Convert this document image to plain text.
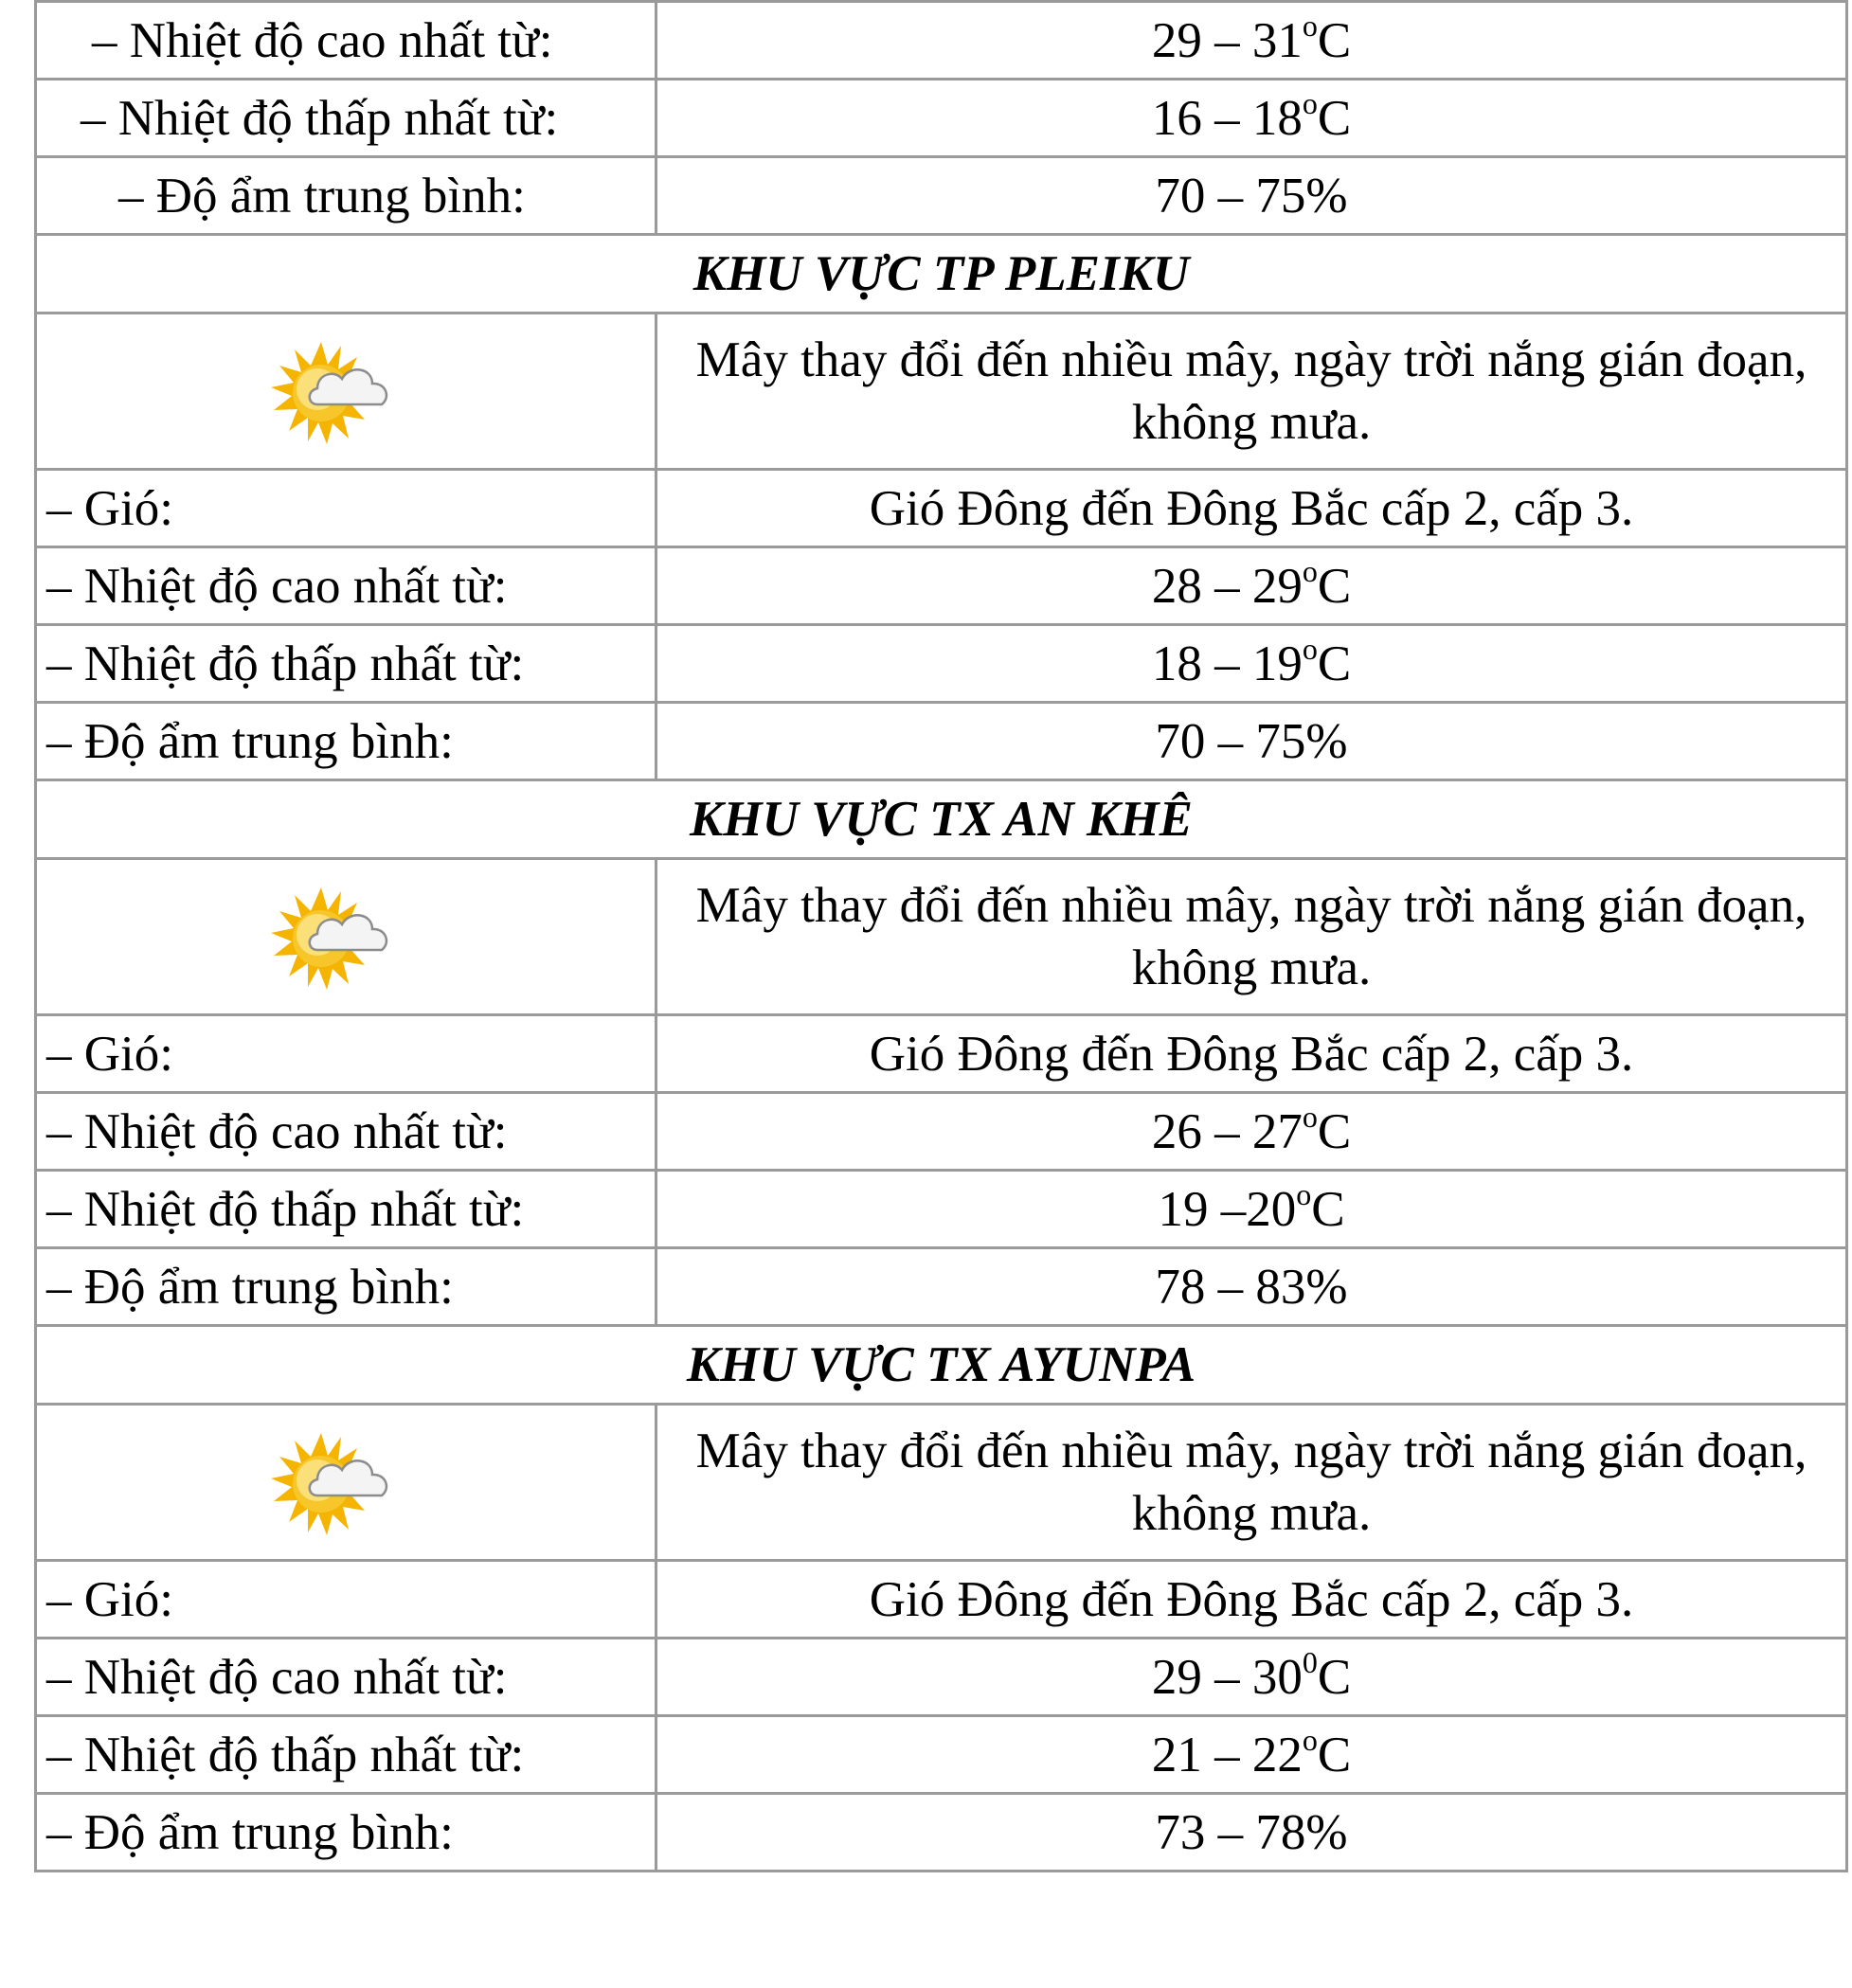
– Nhiệt độ cao nhất từ:	29 – 31$^o$C
– Nhiệt độ thấp nhất từ:	16 – 18$^o$C
– Độ ẩm trung bình:	70 – 75%
KHU VỰC TP PLEIKU	
	Mây thay đổi đến nhiều mây, ngày trời nắng gián đoạn, không mưa.
– Gió:	Gió Đông đến Đông Bắc cấp 2, cấp 3.
– Nhiệt độ cao nhất từ:	28 – 29$^o$C
– Nhiệt độ thấp nhất từ:	18 – 19$^o$C
– Độ ẩm trung bình:	70 – 75%
KHU VỰC TX AN KHÊ	
	Mây thay đổi đến nhiều mây, ngày trời nắng gián đoạn, không mưa.
– Gió:	Gió Đông đến Đông Bắc cấp 2, cấp 3.
– Nhiệt độ cao nhất từ:	26 – 27$^o$C
– Nhiệt độ thấp nhất từ:	19 –20$^o$C
– Độ ẩm trung bình:	78 – 83%
KHU VỰC TX AYUNPA	
	Mây thay đổi đến nhiều mây, ngày trời nắng gián đoạn, không mưa.
– Gió:	Gió Đông đến Đông Bắc cấp 2, cấp 3.
– Nhiệt độ cao nhất từ:	$29 - 30^0C$
– Nhiệt độ thấp nhất từ:	21 – 22$^o$C
– Độ ẩm trung bình:	73 – 78%
